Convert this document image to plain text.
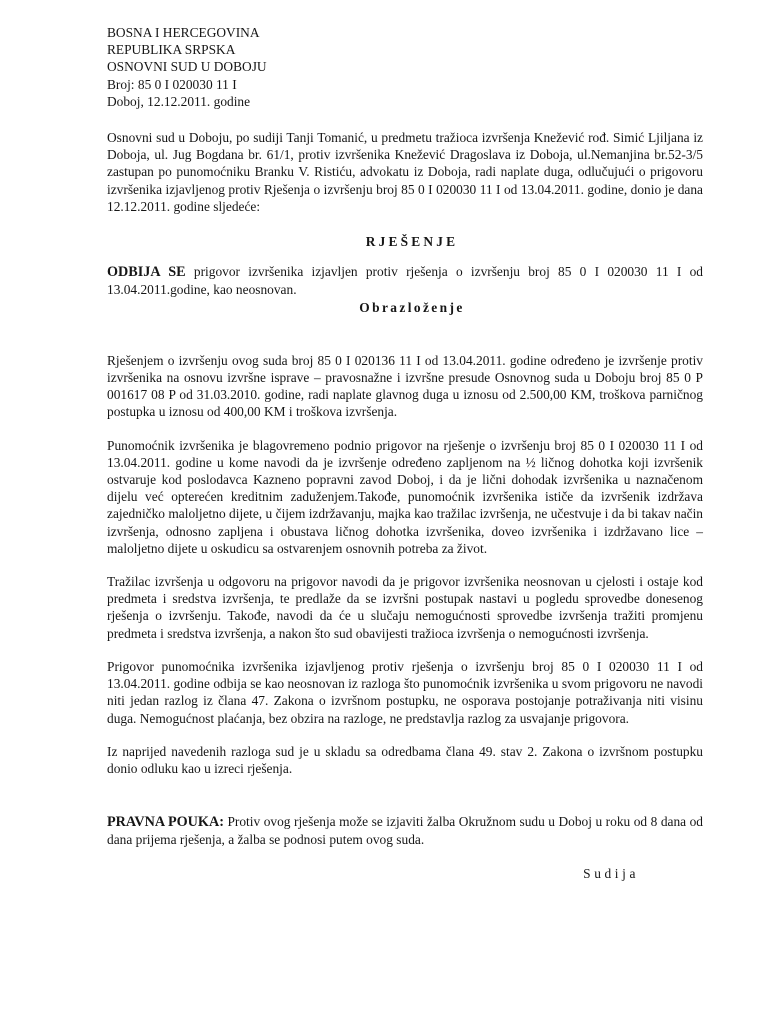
BOSNA I HERCEGOVINA
REPUBLIKA SRPSKA
OSNOVNI SUD U DOBOJU
Broj: 85 0 I 020030 11 I
Doboj, 12.12.2011. godine

Osnovni sud u Doboju, po sudiji Tanji Tomanić, u predmetu tražioca izvršenja Knežević rođ. Simić Ljiljana iz Doboja, ul. Jug Bogdana br. 61/1, protiv izvršenika Knežević Dragoslava iz Doboja, ul.Nemanjina br.52-3/5 zastupan po punomoćniku Branku V. Ristiću, advokatu iz Doboja, radi naplate duga, odlučujući o prigovoru izvršenika izjavljenog protiv Rješenja o izvršenju broj 85 0 I 020030 11 I od 13.04.2011. godine, donio je dana 12.12.2011. godine sljedeće:

RJEŠENJE

ODBIJA SE prigovor izvršenika izjavljen protiv rješenja o izvršenju broj 85 0 I 020030 11 I od 13.04.2011.godine, kao neosnovan.

Obrazloženje

Rješenjem o izvršenju ovog suda broj 85 0 I 020136 11 I od 13.04.2011. godine određeno je izvršenje protiv izvršenika na osnovu izvršne isprave – pravosnažne i izvršne presude Osnovnog suda u Doboju broj 85 0 P 001617 08 P od 31.03.2010. godine, radi naplate glavnog duga u iznosu od 2.500,00 KM, troškova parničnog postupka u iznosu od 400,00 KM i troškova izvršenja.

Punomoćnik izvršenika je blagovremeno podnio prigovor na rješenje o izvršenju broj 85 0 I 020030 11 I od 13.04.2011. godine u kome navodi da je izvršenje određeno zapljenom na ½ ličnog dohotka koji izvršenik ostvaruje kod poslodavca Kazneno popravni zavod Doboj, i da je lični dohodak izvršenika u naznačenom dijelu već opterećen kreditnim zaduženjem.Takođe, punomoćnik izvršenika ističe da izvršenik izdržava zajedničko maloljetno dijete, u čijem izdržavanju, majka kao tražilac izvršenja, ne učestvuje i da bi takav način izvršenja, odnosno zapljena i obustava ličnog dohotka izvršenika, doveo izvršenika i izdržavano lice – maloljetno dijete u oskudicu sa ostvarenjem osnovnih potreba za život.

Tražilac izvršenja u odgovoru na prigovor navodi da je prigovor izvršenika neosnovan u cjelosti i ostaje kod predmeta i sredstva izvršenja, te predlaže da se izvršni postupak nastavi u pogledu sprovedbe donesenog rješenja o izvršenju. Takođe, navodi da će u slučaju nemogućnosti sprovedbe izvršenja tražiti promjenu predmeta i sredstva izvršenja, a nakon što sud obavijesti tražioca izvršenja o nemogućnosti izvršenja.

Prigovor punomoćnika izvršenika izjavljenog protiv rješenja o izvršenju broj 85 0 I 020030 11 I od 13.04.2011. godine odbija se kao neosnovan iz razloga što punomoćnik izvršenika u svom prigovoru ne navodi niti jedan razlog iz člana 47. Zakona o izvršnom postupku, ne osporava postojanje potraživanja niti visinu duga. Nemogućnost plaćanja, bez obzira na razloge, ne predstavlja razlog za usvajanje prigovora.

Iz naprijed navedenih razloga sud je u skladu sa odredbama člana 49. stav 2. Zakona o izvršnom postupku donio odluku kao u izreci rješenja.

PRAVNA POUKA: Protiv ovog rješenja može se izjaviti žalba Okružnom sudu u Doboj u roku od 8 dana od dana prijema rješenja, a žalba se podnosi putem ovog suda.

Sudija
